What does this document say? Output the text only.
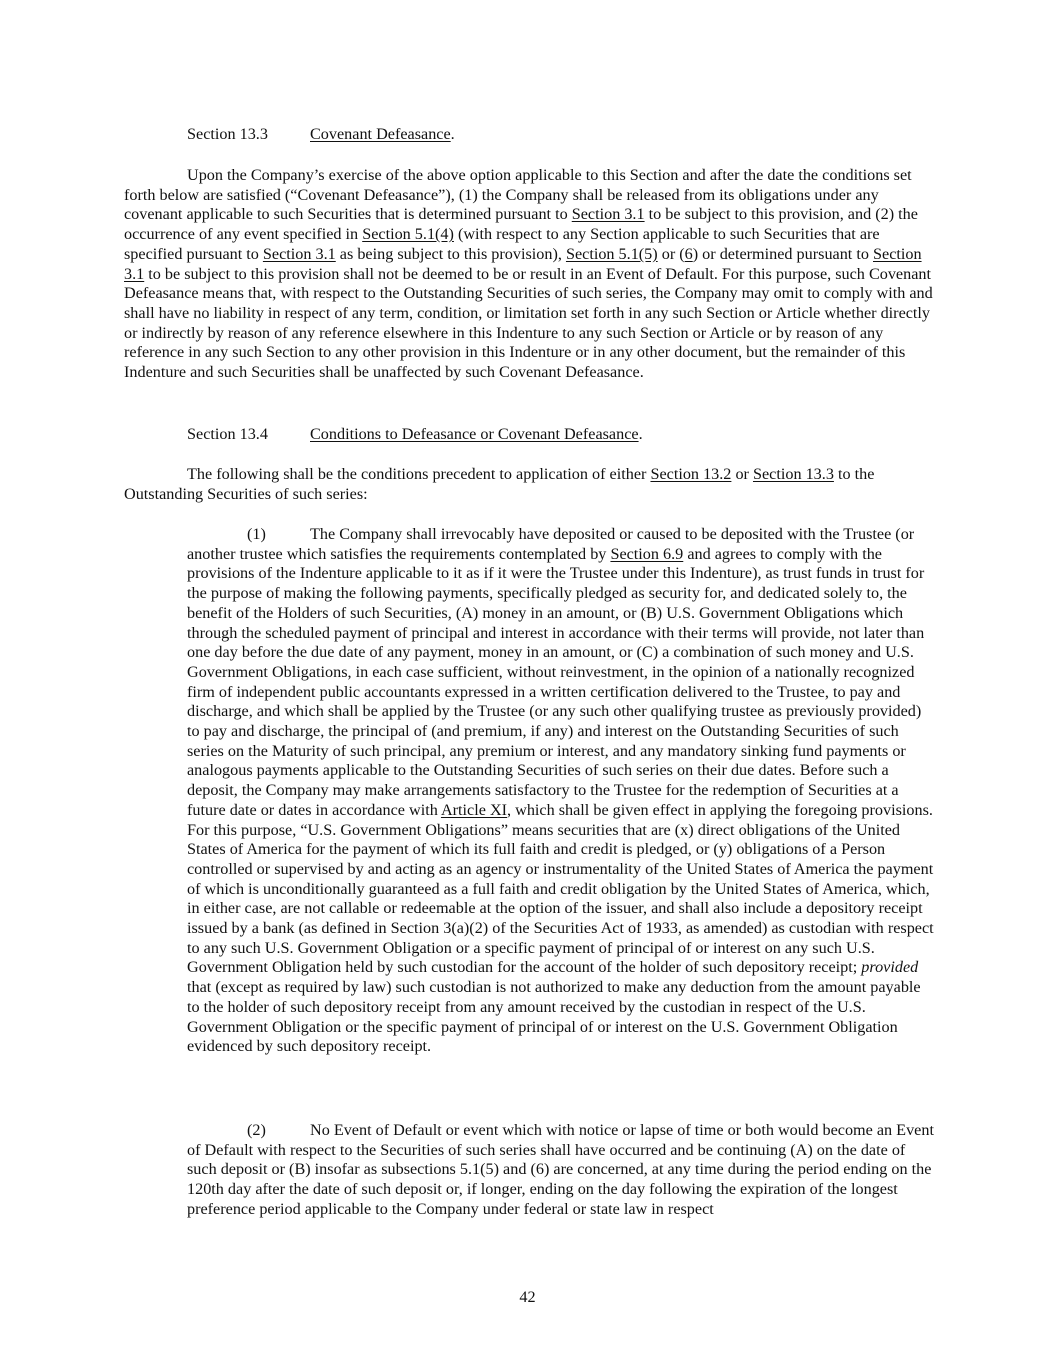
Section 13.3	Covenant Defeasance.

Upon the Company’s exercise of the above option applicable to this Section and after the date the conditions set forth below are satisfied (“Covenant Defeasance”), (1) the Company shall be released from its obligations under any covenant applicable to such Securities that is determined pursuant to Section 3.1 to be subject to this provision, and (2) the occurrence of any event specified in Section 5.1(4) (with respect to any Section applicable to such Securities that are specified pursuant to Section 3.1 as being subject to this provision), Section 5.1(5) or (6) or determined pursuant to Section 3.1 to be subject to this provision shall not be deemed to be or result in an Event of Default. For this purpose, such Covenant Defeasance means that, with respect to the Outstanding Securities of such series, the Company may omit to comply with and shall have no liability in respect of any term, condition, or limitation set forth in any such Section or Article whether directly or indirectly by reason of any reference elsewhere in this Indenture to any such Section or Article or by reason of any reference in any such Section to any other provision in this Indenture or in any other document, but the remainder of this Indenture and such Securities shall be unaffected by such Covenant Defeasance.

Section 13.4	Conditions to Defeasance or Covenant Defeasance.

The following shall be the conditions precedent to application of either Section 13.2 or Section 13.3 to the Outstanding Securities of such series:

(1)	The Company shall irrevocably have deposited or caused to be deposited with the Trustee (or another trustee which satisfies the requirements contemplated by Section 6.9 and agrees to comply with the provisions of the Indenture applicable to it as if it were the Trustee under this Indenture), as trust funds in trust for the purpose of making the following payments, specifically pledged as security for, and dedicated solely to, the benefit of the Holders of such Securities, (A) money in an amount, or (B) U.S. Government Obligations which through the scheduled payment of principal and interest in accordance with their terms will provide, not later than one day before the due date of any payment, money in an amount, or (C) a combination of such money and U.S. Government Obligations, in each case sufficient, without reinvestment, in the opinion of a nationally recognized firm of independent public accountants expressed in a written certification delivered to the Trustee, to pay and discharge, and which shall be applied by the Trustee (or any such other qualifying trustee as previously provided) to pay and discharge, the principal of (and premium, if any) and interest on the Outstanding Securities of such series on the Maturity of such principal, any premium or interest, and any mandatory sinking fund payments or analogous payments applicable to the Outstanding Securities of such series on their due dates. Before such a deposit, the Company may make arrangements satisfactory to the Trustee for the redemption of Securities at a future date or dates in accordance with Article XI, which shall be given effect in applying the foregoing provisions. For this purpose, “U.S. Government Obligations” means securities that are (x) direct obligations of the United States of America for the payment of which its full faith and credit is pledged, or (y) obligations of a Person controlled or supervised by and acting as an agency or instrumentality of the United States of America the payment of which is unconditionally guaranteed as a full faith and credit obligation by the United States of America, which, in either case, are not callable or redeemable at the option of the issuer, and shall also include a depository receipt issued by a bank (as defined in Section 3(a)(2) of the Securities Act of 1933, as amended) as custodian with respect to any such U.S. Government Obligation or a specific payment of principal of or interest on any such U.S. Government Obligation held by such custodian for the account of the holder of such depository receipt; provided that (except as required by law) such custodian is not authorized to make any deduction from the amount payable to the holder of such depository receipt from any amount received by the custodian in respect of the U.S. Government Obligation or the specific payment of principal of or interest on the U.S. Government Obligation evidenced by such depository receipt.

(2)	No Event of Default or event which with notice or lapse of time or both would become an Event of Default with respect to the Securities of such series shall have occurred and be continuing (A) on the date of such deposit or (B) insofar as subsections 5.1(5) and (6) are concerned, at any time during the period ending on the 120th day after the date of such deposit or, if longer, ending on the day following the expiration of the longest preference period applicable to the Company under federal or state law in respect

42
